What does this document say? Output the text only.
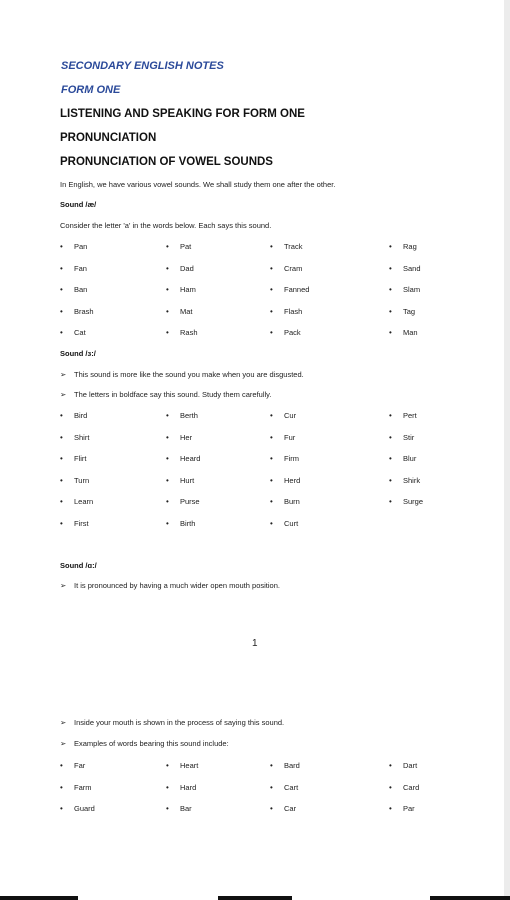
SECONDARY ENGLISH NOTES
FORM ONE
LISTENING AND SPEAKING FOR FORM ONE
PRONUNCIATION
PRONUNCIATION OF VOWEL SOUNDS
In English, we have various vowel sounds. We shall study them one after the other.
Sound /æ/
Consider the letter 'a' in the words below. Each says this sound.
• Pan	• Pat	• Track	• Rag
• Fan	• Dad	• Cram	• Sand
• Ban	• Ham	• Fanned	• Slam
• Brash	• Mat	• Flash	• Tag
• Cat	• Rash	• Pack	• Man
Sound /ɜ:/
➢ This sound is more like the sound you make when you are disgusted.
➢ The letters in boldface say this sound. Study them carefully.
• Bird	• Berth	• Cur	• Pert
• Shirt	• Her	• Fur	• Stir
• Flirt	• Heard	• Firm	• Blur
• Turn	• Hurt	• Herd	• Shirk
• Learn	• Purse	• Burn	• Surge
• First	• Birth	• Curt
Sound /ɑ:/
➢ It is pronounced by having a much wider open mouth position.
1
➢ Inside your mouth is shown in the process of saying this sound.
➢ Examples of words bearing this sound include:
• Far	• Heart	• Bard	• Dart
• Farm	• Hard	• Cart	• Card
• Guard	• Bar	• Car	• Par
